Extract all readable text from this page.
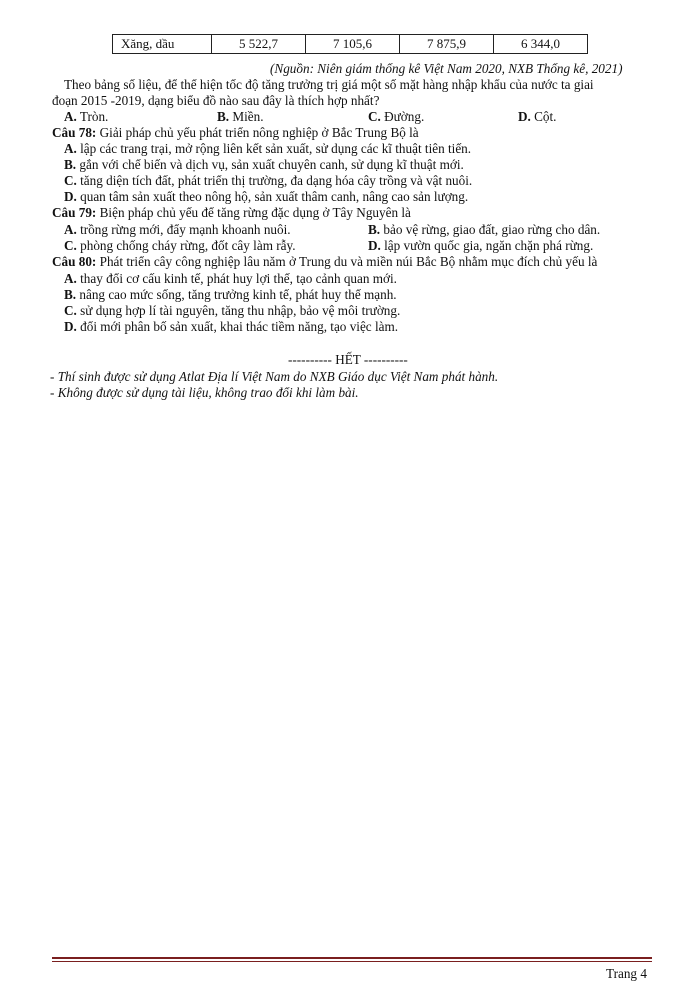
Xăng, dầu	5 522,7	7 105,6	7 875,9	6 344,0
(Nguồn: Niên giám thống kê Việt Nam 2020, NXB Thống kê, 2021)
Theo bảng số liệu, để thể hiện tốc độ tăng trưởng trị giá một số mặt hàng nhập khẩu của nước ta giai
đoạn 2015 -2019, dạng biểu đồ nào sau đây là thích hợp nhất?
A. Tròn.	B. Miền.	C. Đường.	D. Cột.
Câu 78: Giải pháp chủ yếu phát triển nông nghiệp ở Bắc Trung Bộ là
A. lập các trang trại, mở rộng liên kết sản xuất, sử dụng các kĩ thuật tiên tiến.
B. gắn với chế biến và dịch vụ, sản xuất chuyên canh, sử dụng kĩ thuật mới.
C. tăng diện tích đất, phát triển thị trường, đa dạng hóa cây trồng và vật nuôi.
D. quan tâm sản xuất theo nông hộ, sản xuất thâm canh, nâng cao sản lượng.
Câu 79: Biện pháp chủ yếu để tăng rừng đặc dụng ở Tây Nguyên là
A. trồng rừng mới, đẩy mạnh khoanh nuôi.	B. bảo vệ rừng, giao đất, giao rừng cho dân.
C. phòng chống cháy rừng, đốt cây làm rẫy.	D. lập vườn quốc gia, ngăn chặn phá rừng.
Câu 80: Phát triển cây công nghiệp lâu năm ở Trung du và miền núi Bắc Bộ nhằm mục đích chủ yếu là
A. thay đổi cơ cấu kinh tế, phát huy lợi thế, tạo cảnh quan mới.
B. nâng cao mức sống, tăng trưởng kinh tế, phát huy thế mạnh.
C. sử dụng hợp lí tài nguyên, tăng thu nhập, bảo vệ môi trường.
D. đổi mới phân bố sản xuất, khai thác tiềm năng, tạo việc làm.
---------- HẾT ----------
- Thí sinh được sử dụng Atlat Địa lí Việt Nam do NXB Giáo dục Việt Nam phát hành.
- Không được sử dụng tài liệu, không trao đổi khi làm bài.
Trang 4
